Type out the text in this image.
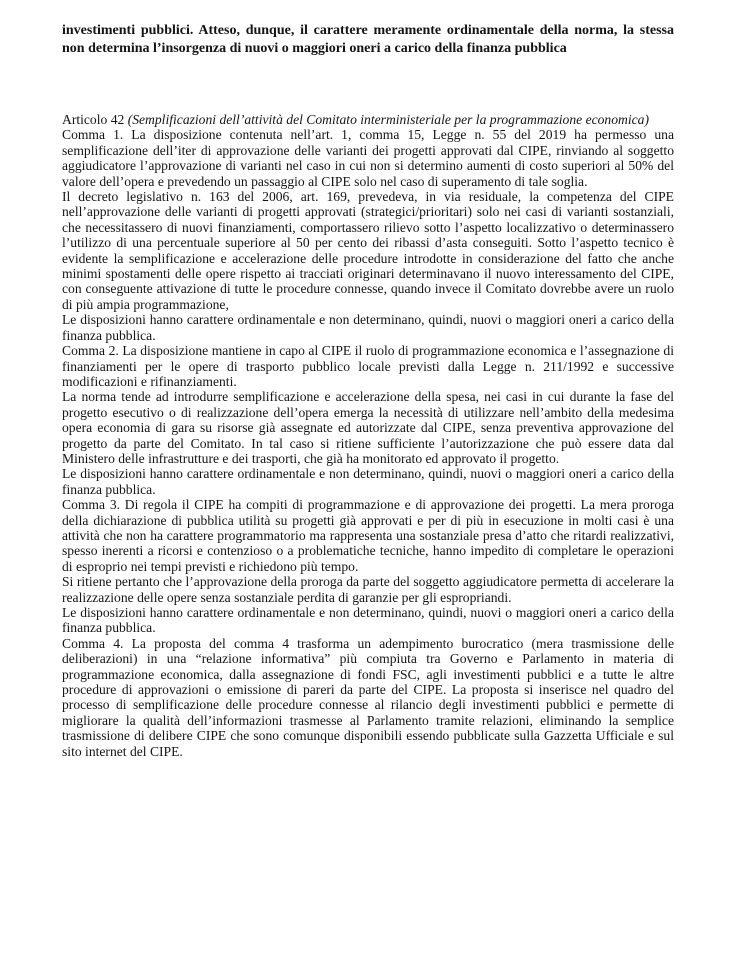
investimenti pubblici. Atteso, dunque, il carattere meramente ordinamentale della norma, la stessa non determina l’insorgenza di nuovi o maggiori oneri a carico della finanza pubblica

Articolo 42 (Semplificazioni dell’attività del Comitato interministeriale per la programmazione economica)

Comma 1. La disposizione contenuta nell’art. 1, comma 15, Legge n. 55 del 2019 ha permesso una semplificazione dell’iter di approvazione delle varianti dei progetti approvati dal CIPE, rinviando al soggetto aggiudicatore l’approvazione di varianti nel caso in cui non si determino aumenti di costo superiori al 50% del valore dell’opera e prevedendo un passaggio al CIPE solo nel caso di superamento di tale soglia.

Il decreto legislativo n. 163 del 2006, art. 169, prevedeva, in via residuale, la competenza del CIPE nell’approvazione delle varianti di progetti approvati (strategici/prioritari) solo nei casi di varianti sostanziali, che necessitassero di nuovi finanziamenti, comportassero rilievo sotto l’aspetto localizzativo o determinassero l’utilizzo di una percentuale superiore al 50 per cento dei ribassi d’asta conseguiti. Sotto l’aspetto tecnico è evidente la semplificazione e accelerazione delle procedure introdotte in considerazione del fatto che anche minimi spostamenti delle opere rispetto ai tracciati originari determinavano il nuovo interessamento del CIPE, con conseguente attivazione di tutte le procedure connesse, quando invece il Comitato dovrebbe avere un ruolo di più ampia programmazione,

Le disposizioni hanno carattere ordinamentale e non determinano, quindi, nuovi o maggiori oneri a carico della finanza pubblica.

Comma 2. La disposizione mantiene in capo al CIPE il ruolo di programmazione economica e l’assegnazione di finanziamenti per le opere di trasporto pubblico locale previsti dalla Legge n. 211/1992 e successive modificazioni e rifinanziamenti.

La norma tende ad introdurre semplificazione e accelerazione della spesa, nei casi in cui durante la fase del progetto esecutivo o di realizzazione dell’opera emerga la necessità di utilizzare nell’ambito della medesima opera economia di gara su risorse già assegnate ed autorizzate dal CIPE, senza preventiva approvazione del progetto da parte del Comitato. In tal caso si ritiene sufficiente l’autorizzazione che può essere data dal Ministero delle infrastrutture e dei trasporti, che già ha monitorato ed approvato il progetto.

Le disposizioni hanno carattere ordinamentale e non determinano, quindi, nuovi o maggiori oneri a carico della finanza pubblica.

Comma 3. Di regola il CIPE ha compiti di programmazione e di approvazione dei progetti. La mera proroga della dichiarazione di pubblica utilità su progetti già approvati e per di più in esecuzione in molti casi è una attività che non ha carattere programmatorio ma rappresenta una sostanziale presa d’atto che ritardi realizzativi, spesso inerenti a ricorsi e contenzioso o a problematiche tecniche, hanno impedito di completare le operazioni di esproprio nei tempi previsti e richiedono più tempo.

Si ritiene pertanto che l’approvazione della proroga da parte del soggetto aggiudicatore permetta di accelerare la realizzazione delle opere senza sostanziale perdita di garanzie per gli espropriandi.

Le disposizioni hanno carattere ordinamentale e non determinano, quindi, nuovi o maggiori oneri a carico della finanza pubblica.

Comma 4. La proposta del comma 4 trasforma un adempimento burocratico (mera trasmissione delle deliberazioni) in una “relazione informativa” più compiuta tra Governo e Parlamento in materia di programmazione economica, dalla assegnazione di fondi FSC, agli investimenti pubblici e a tutte le altre procedure di approvazioni o emissione di pareri da parte del CIPE. La proposta si inserisce nel quadro del processo di semplificazione delle procedure connesse al rilancio degli investimenti pubblici e permette di migliorare la qualità dell’informazioni trasmesse al Parlamento tramite relazioni, eliminando la semplice trasmissione di delibere CIPE che sono comunque disponibili essendo pubblicate sulla Gazzetta Ufficiale e sul sito internet del CIPE.
